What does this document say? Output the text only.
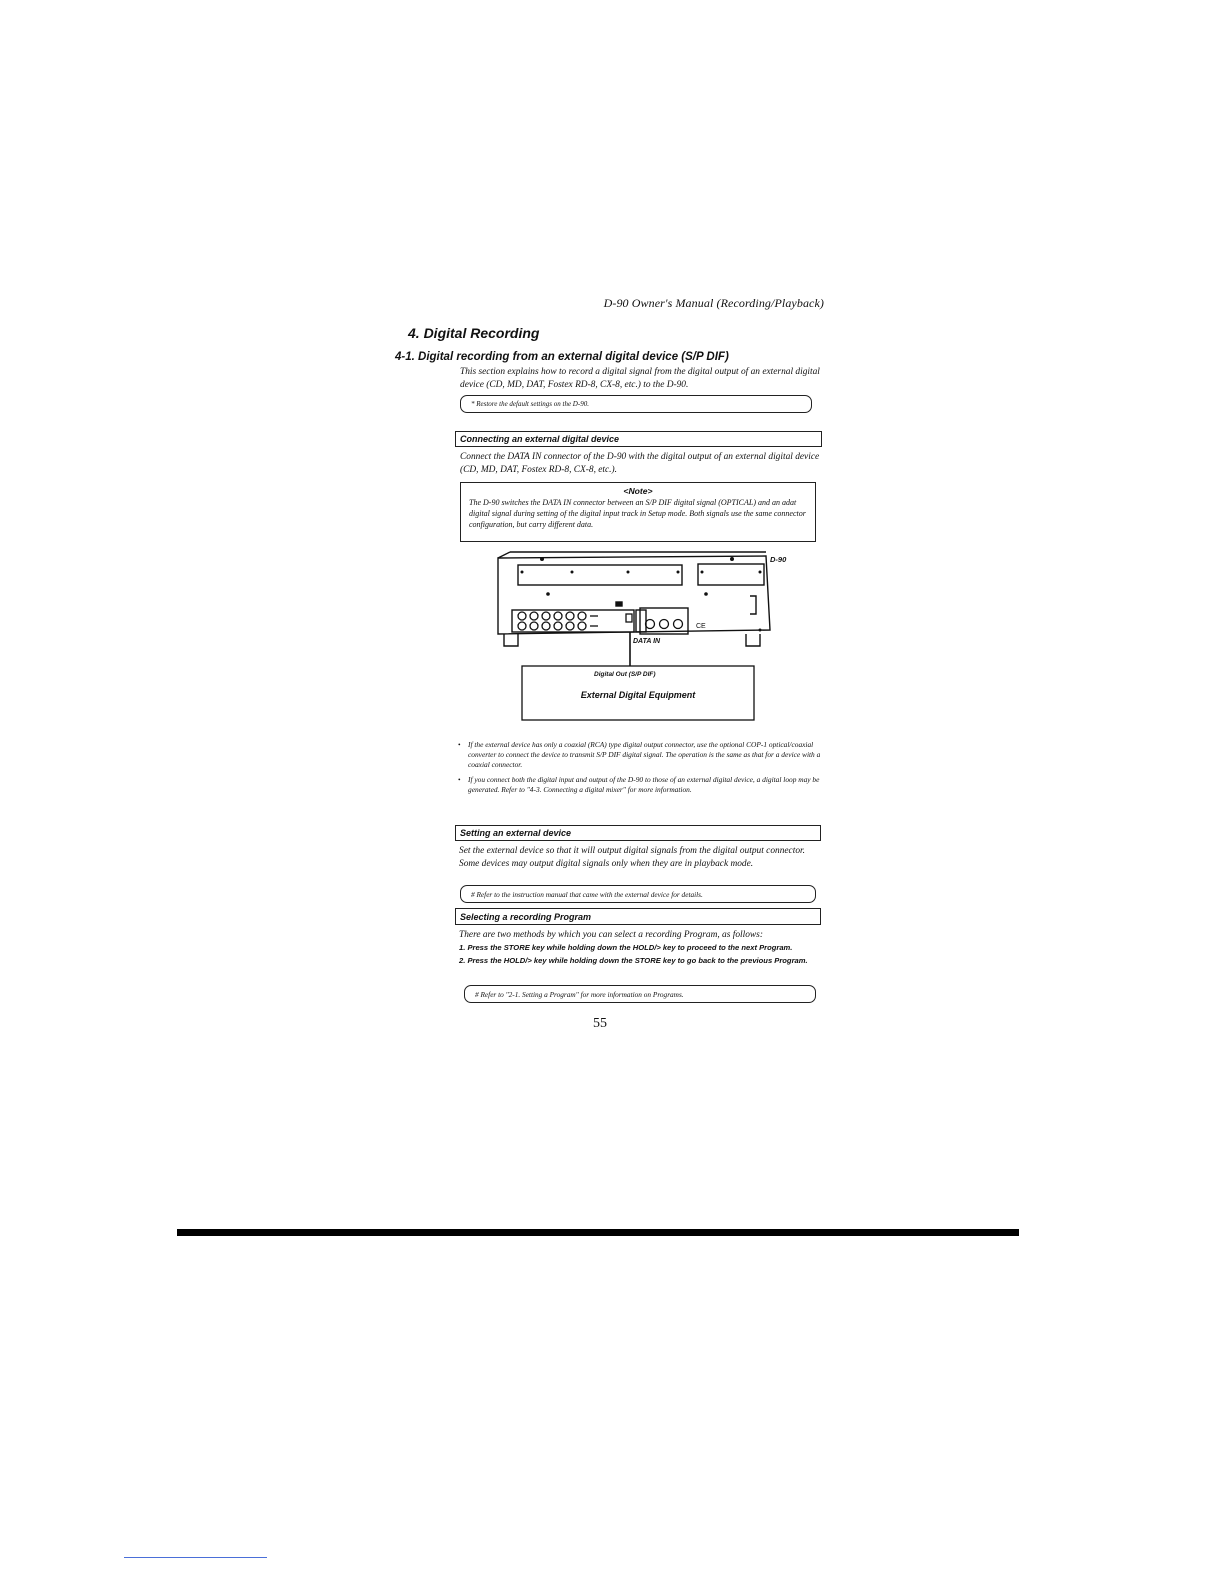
D-90 Owner's Manual (Recording/Playback)
4. Digital Recording
4-1. Digital recording from an external digital device (S/P DIF)

This section explains how to record a digital signal from the digital output of an external digital device (CD, MD, DAT, Fostex RD-8, CX-8, etc.) to the D-90.

* Restore the default settings on the D-90.
Connecting an external digital device

Connect the DATA IN connector of the D-90 with the digital output of an external digital device (CD, MD, DAT, Fostex RD-8, CX-8, etc.).

<Note>

The D-90 switches the DATA IN connector between an S/P DIF digital signal (OPTICAL) and an adat digital signal during setting of the digital input track in Setup mode. Both signals use the same connector configuration, but carry different data.

D-90
DATA IN
Digital Out (S/P DIF)
External Digital Equipment
CE
• If the external device has only a coaxial (RCA) type digital output connector, use the optional COP-1 optical/coaxial converter to connect the device to transmit S/P DIF digital signal. The operation is the same as that for a device with a coaxial connector.
• If you connect both the digital input and output of the D-90 to those of an external digital device, a digital loop may be generated. Refer to "4-3. Connecting a digital mixer" for more information.
Setting an external device

Set the external device so that it will output digital signals from the digital output connector. Some devices may output digital signals only when they are in playback mode.

# Refer to the instruction manual that came with the external device for details.
Selecting a recording Program

There are two methods by which you can select a recording Program, as follows:

1. Press the STORE key while holding down the HOLD/> key to proceed to the next Program.
2. Press the HOLD/> key while holding down the STORE key to go back to the previous Program.
# Refer to "2-1. Setting a Program" for more information on Programs.
55
